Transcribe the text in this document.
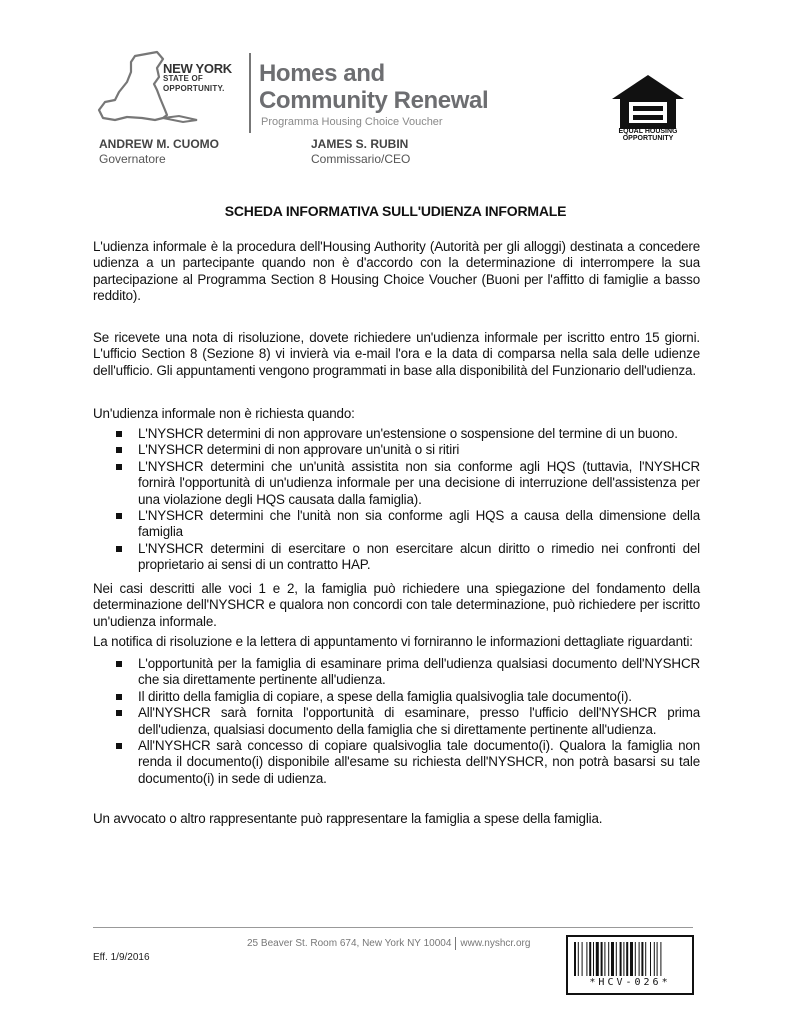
NEW YORK
STATE OF
OPPORTUNITY.
Homes and
Community Renewal
Programma Housing Choice Voucher
ANDREW M. CUOMO
Governatore
JAMES S. RUBIN
Commissario/CEO
EQUAL HOUSING
OPPORTUNITY
SCHEDA INFORMATIVA SULL'UDIENZA INFORMALE

L'udienza informale è la procedura dell'Housing Authority (Autorità per gli alloggi) destinata a concedere udienza a un partecipante quando non è d'accordo con la determinazione di interrompere la sua partecipazione al Programma Section 8 Housing Choice Voucher (Buoni per l'affitto di famiglie a basso reddito).

Se ricevete una nota di risoluzione, dovete richiedere un'udienza informale per iscritto entro 15 giorni. L'ufficio Section 8 (Sezione 8) vi invierà via e-mail l'ora e la data di comparsa nella sala delle udienze dell'ufficio. Gli appuntamenti vengono programmati in base alla disponibilità del Funzionario dell'udienza.

Un'udienza informale non è richiesta quando:

L'NYSHCR determini di non approvare un'estensione o sospensione del termine di un buono.
L'NYSHCR determini di non approvare un'unità o si ritiri
L'NYSHCR determini che un'unità assistita non sia conforme agli HQS (tuttavia, l'NYSHCR fornirà l'opportunità di un'udienza informale per una decisione di interruzione dell'assistenza per una violazione degli HQS causata dalla famiglia).
L'NYSHCR determini che l'unità non sia conforme agli HQS a causa della dimensione della famiglia
L'NYSHCR determini di esercitare o non esercitare alcun diritto o rimedio nei confronti del proprietario ai sensi di un contratto HAP.

Nei casi descritti alle voci 1 e 2, la famiglia può richiedere una spiegazione del fondamento della determinazione dell'NYSHCR e qualora non concordi con tale determinazione, può richiedere per iscritto un'udienza informale.

La notifica di risoluzione e la lettera di appuntamento vi forniranno le informazioni dettagliate riguardanti:

L'opportunità per la famiglia di esaminare prima dell'udienza qualsiasi documento dell'NYSHCR che sia direttamente pertinente all'udienza.
Il diritto della famiglia di copiare, a spese della famiglia qualsivoglia tale documento(i).
All'NYSHCR sarà fornita l'opportunità di esaminare, presso l'ufficio dell'NYSHCR prima dell'udienza, qualsiasi documento della famiglia che si direttamente pertinente all'udienza.
All'NYSHCR sarà concesso di copiare qualsivoglia tale documento(i). Qualora la famiglia non renda il documento(i) disponibile all'esame su richiesta dell'NYSHCR, non potrà basarsi su tale documento(i) in sede di udienza.

Un avvocato o altro rappresentante può rappresentare la famiglia a spese della famiglia.

25 Beaver St. Room 674, New York NY 10004 www.nyshcr.org
Eff. 1/9/2016
*HCV-026*
